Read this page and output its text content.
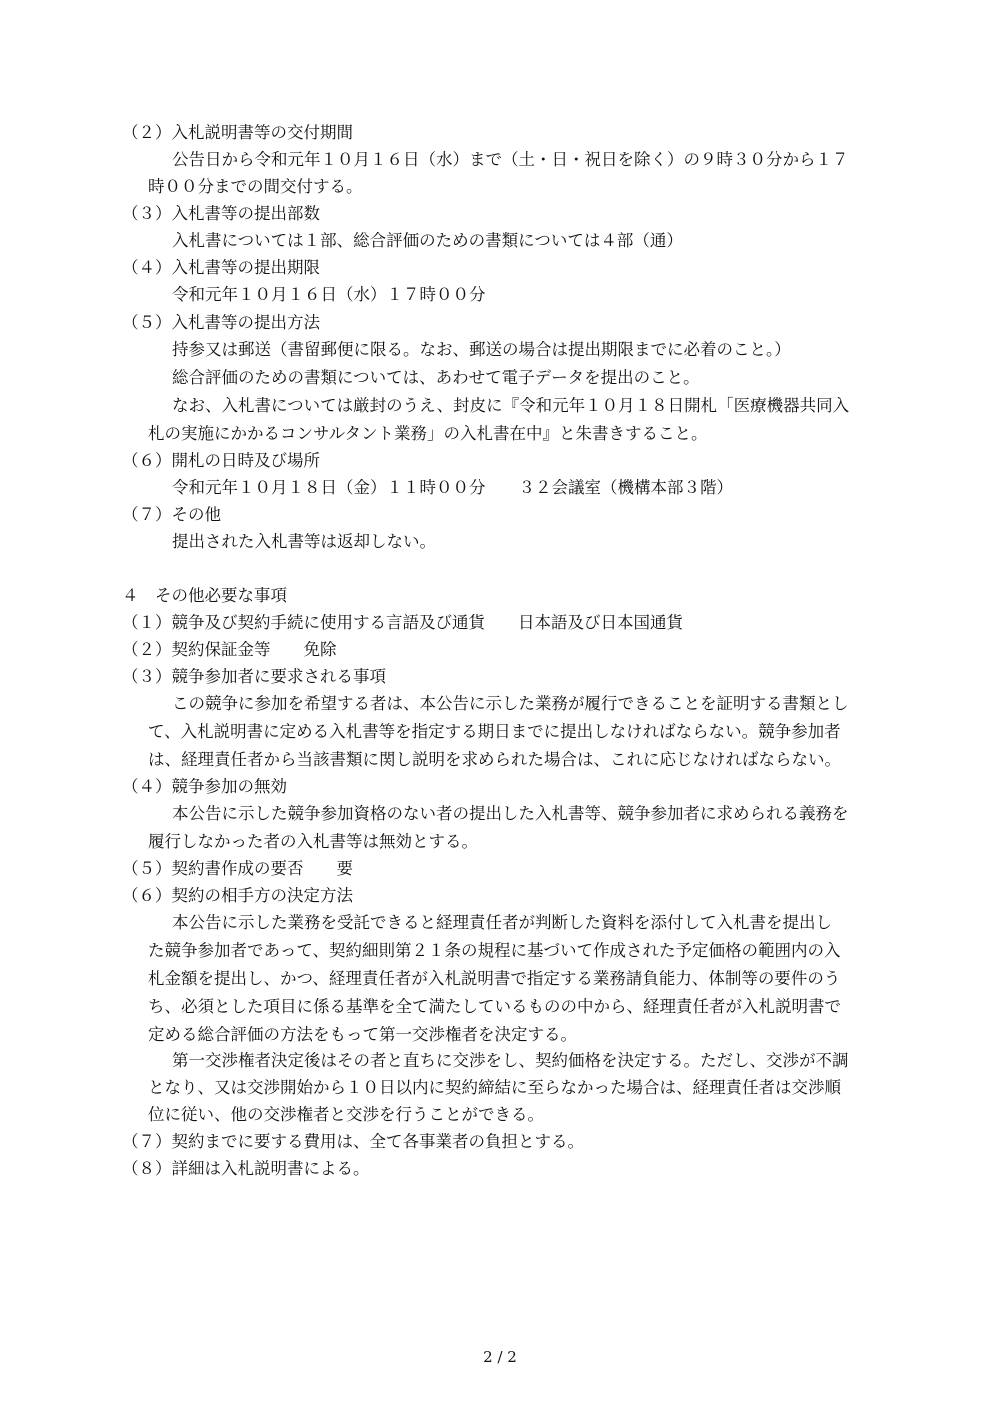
（２）入札説明書等の交付期間
公告日から令和元年１０月１６日（水）まで（土・日・祝日を除く）の９時３０分から１７
時００分までの間交付する。
（３）入札書等の提出部数
入札書については１部、総合評価のための書類については４部（通）
（４）入札書等の提出期限
令和元年１０月１６日（水）１７時００分
（５）入札書等の提出方法
持参又は郵送（書留郵便に限る。なお、郵送の場合は提出期限までに必着のこと。）
総合評価のための書類については、あわせて電子データを提出のこと。
なお、入札書については厳封のうえ、封皮に『令和元年１０月１８日開札「医療機器共同入
札の実施にかかるコンサルタント業務」の入札書在中』と朱書きすること。
（６）開札の日時及び場所
令和元年１０月１８日（金）１１時００分　　３２会議室（機構本部３階）
（７）その他
提出された入札書等は返却しない。
４　その他必要な事項
（１）競争及び契約手続に使用する言語及び通貨　　日本語及び日本国通貨
（２）契約保証金等　　免除
（３）競争参加者に要求される事項
この競争に参加を希望する者は、本公告に示した業務が履行できることを証明する書類とし
て、入札説明書に定める入札書等を指定する期日までに提出しなければならない。競争参加者
は、経理責任者から当該書類に関し説明を求められた場合は、これに応じなければならない。
（４）競争参加の無効
本公告に示した競争参加資格のない者の提出した入札書等、競争参加者に求められる義務を
履行しなかった者の入札書等は無効とする。
（５）契約書作成の要否　　要
（６）契約の相手方の決定方法
本公告に示した業務を受託できると経理責任者が判断した資料を添付して入札書を提出し
た競争参加者であって、契約細則第２１条の規程に基づいて作成された予定価格の範囲内の入
札金額を提出し、かつ、経理責任者が入札説明書で指定する業務請負能力、体制等の要件のう
ち、必須とした項目に係る基準を全て満たしているものの中から、経理責任者が入札説明書で
定める総合評価の方法をもって第一交渉権者を決定する。
第一交渉権者決定後はその者と直ちに交渉をし、契約価格を決定する。ただし、交渉が不調
となり、又は交渉開始から１０日以内に契約締結に至らなかった場合は、経理責任者は交渉順
位に従い、他の交渉権者と交渉を行うことができる。
（７）契約までに要する費用は、全て各事業者の負担とする。
（８）詳細は入札説明書による。
2 / 2
